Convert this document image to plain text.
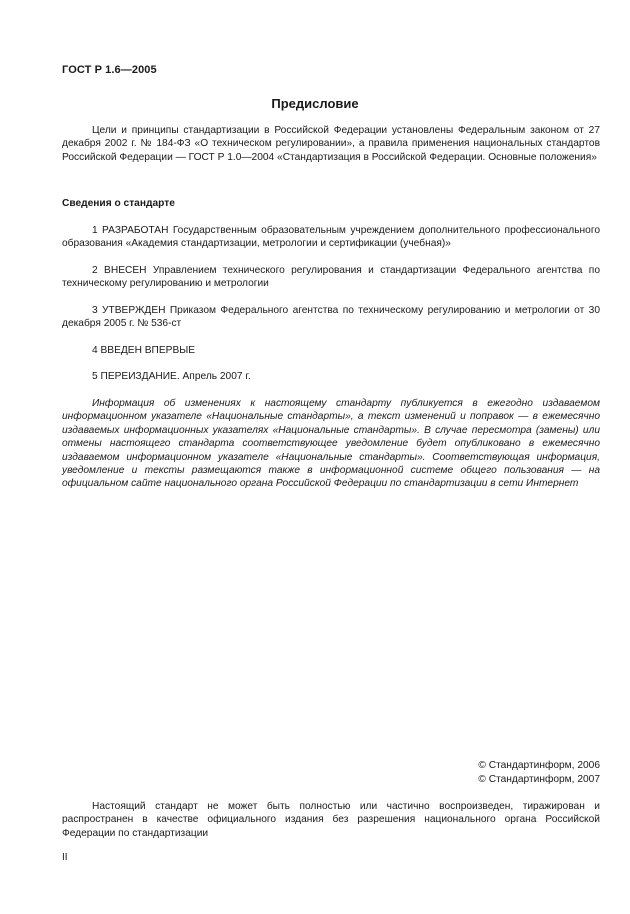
ГОСТ Р 1.6—2005
Предисловие
Цели и принципы стандартизации в Российской Федерации установлены Федеральным законом от 27 декабря 2002 г. № 184-ФЗ «О техническом регулировании», а правила применения национальных стандартов Российской Федерации — ГОСТ Р 1.0—2004 «Стандартизация в Российской Федерации. Основные положения»
Сведения о стандарте
1 РАЗРАБОТАН Государственным образовательным учреждением дополнительного профессионального образования «Академия стандартизации, метрологии и сертификации (учебная)»
2 ВНЕСЕН Управлением технического регулирования и стандартизации Федерального агентства по техническому регулированию и метрологии
3 УТВЕРЖДЕН Приказом Федерального агентства по техническому регулированию и метрологии от 30 декабря 2005 г. № 536-ст
4 ВВЕДЕН ВПЕРВЫЕ
5 ПЕРЕИЗДАНИЕ. Апрель 2007 г.
Информация об изменениях к настоящему стандарту публикуется в ежегодно издаваемом информационном указателе «Национальные стандарты», а текст изменений и поправок — в ежемесячно издаваемых информационных указателях «Национальные стандарты». В случае пересмотра (замены) или отмены настоящего стандарта соответствующее уведомление будет опубликовано в ежемесячно издаваемом информационном указателе «Национальные стандарты». Соответствующая информация, уведомление и тексты размещаются также в информационной системе общего пользования — на официальном сайте национального органа Российской Федерации по стандартизации в сети Интернет
© Стандартинформ, 2006
© Стандартинформ, 2007
Настоящий стандарт не может быть полностью или частично воспроизведен, тиражирован и распространен в качестве официального издания без разрешения национального органа Российской Федерации по стандартизации
II
